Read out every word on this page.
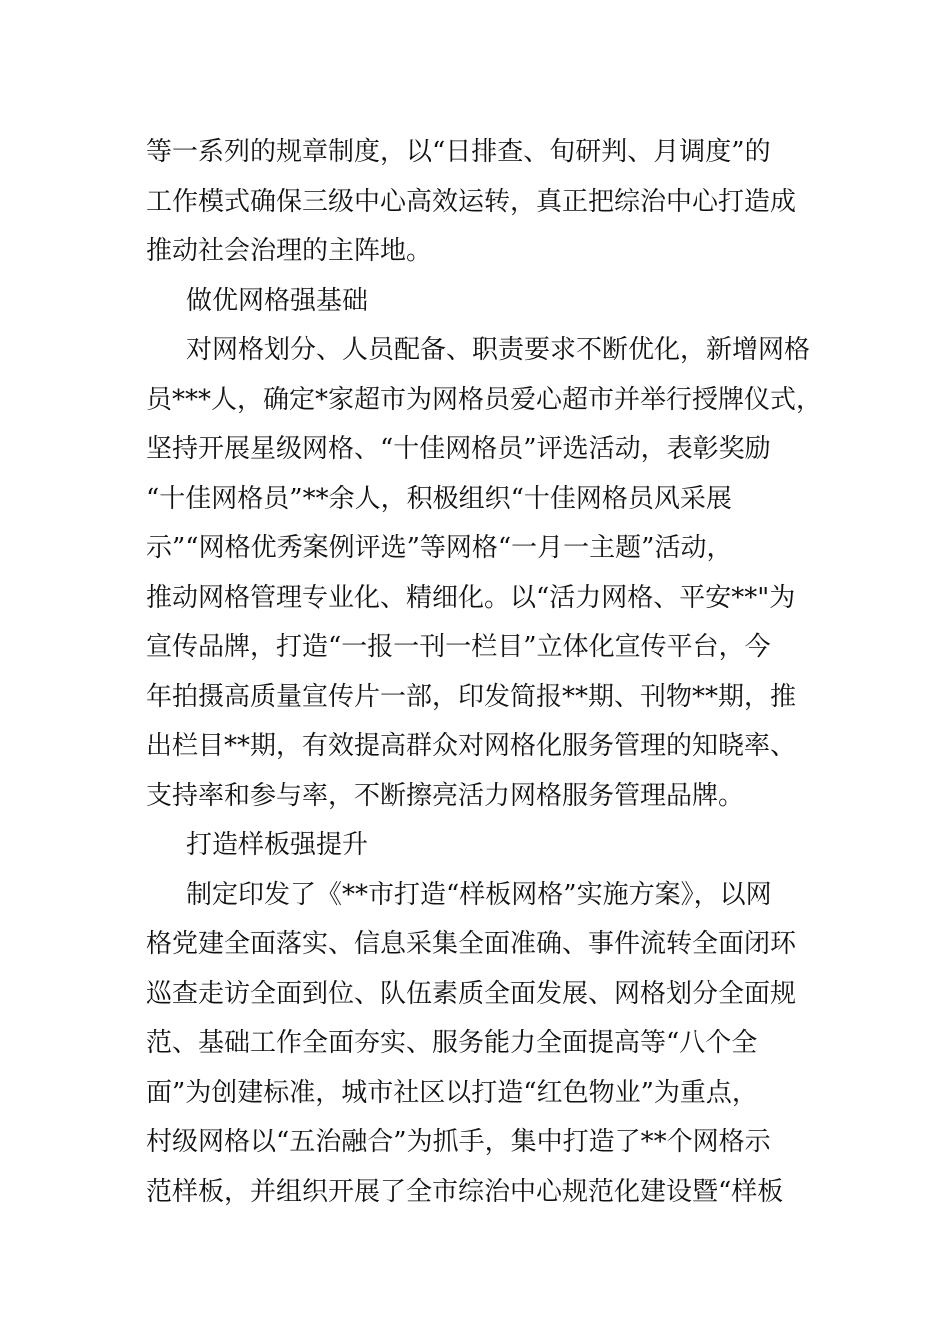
等一系列的规章制度，以“日排查、旬研判、月调度”的
工作模式确保三级中心高效运转，真正把综治中心打造成
推动社会治理的主阵地。
做优网格强基础
对网格划分、人员配备、职责要求不断优化，新增网格
员***人，确定*家超市为网格员爱心超市并举行授牌仪式，
坚持开展星级网格、“十佳网格员”评选活动，表彰奖励
“十佳网格员”**余人，积极组织“十佳网格员风采展
示”“网格优秀案例评选”等网格“一月一主题”活动，
推动网格管理专业化、精细化。以“活力网格、平安**"为
宣传品牌，打造“一报一刊一栏目”立体化宣传平台，今
年拍摄高质量宣传片一部，印发简报**期、刊物**期，推
出栏目**期，有效提高群众对网格化服务管理的知晓率、
支持率和参与率，不断擦亮活力网格服务管理品牌。
打造样板强提升
制定印发了《**市打造“样板网格”实施方案》，以网
格党建全面落实、信息采集全面准确、事件流转全面闭环
巡查走访全面到位、队伍素质全面发展、网格划分全面规
范、基础工作全面夯实、服务能力全面提高等“八个全
面”为创建标准，城市社区以打造“红色物业”为重点，
村级网格以“五治融合”为抓手，集中打造了**个网格示
范样板，并组织开展了全市综治中心规范化建设暨“样板
